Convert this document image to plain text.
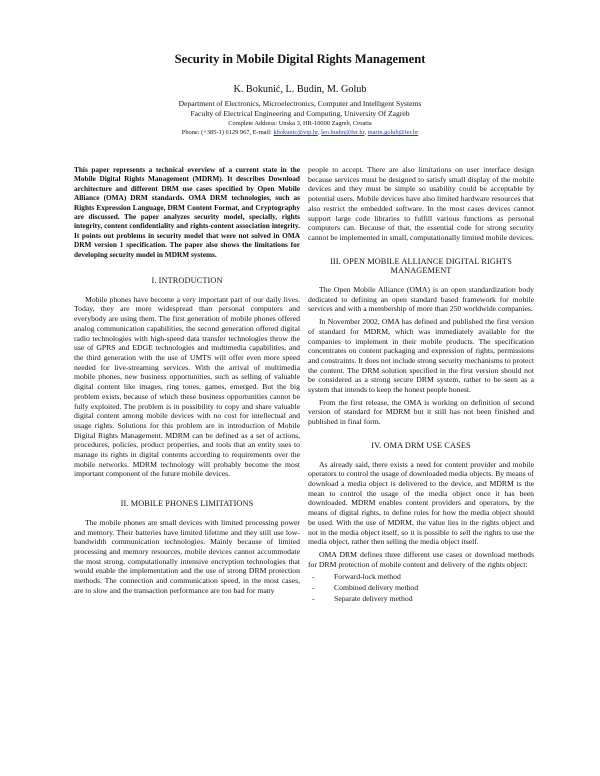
Security in Mobile Digital Rights Management
K. Bokunić, L. Budin, M. Golub
Department of Electronics, Microelectronics, Computer and Intelligent Systems
Faculty of Electrical Engineering and Computing, University Of Zagreb
Complete Address: Unska 3, HR-10000 Zagreb, Croatia
Phone: (+385-1) 6129 967, E-mail: kbokunic@vip.hr, leo.budin@fer.hr, marin.golub@fer.hr

This paper represents a technical overview of a current state in the Mobile Digital Rights Management (MDRM). It describes Download architecture and different DRM use cases specified by Open Mobile Alliance (OMA) DRM standards. OMA DRM technologies, such as Rights Expression Language, DRM Content Format, and Cryptography are discussed. The paper analyzes security model, specially, rights integrity, content confidentiality and rights-content association integrity. It points out problems in security model that were not solved in OMA DRM version 1 specification. The paper also shows the limitations for developing security model in MDRM systems.

I. INTRODUCTION

Mobile phones have become a very important part of our daily lives. Today, they are more widespread than personal computers and everybody are using them. The first generation of mobile phones offered analog communication capabilities, the second generation offered digital radio technologies with high-speed data transfer technologies throw the use of GPRS and EDGE technologies and multimedia capabilities, and the third generation with the use of UMTS will offer even more speed needed for live-streaming services. With the arrival of multimedia mobile phones, new business opportunities, such as selling of valuable digital content like images, ring tones, games, emerged. But the big problem exists, because of which these business opportunities cannot be fully exploited. The problem is in possibility to copy and share valuable digital content among mobile devices with no cost for intellectual and usage rights. Solutions for this problem are in introduction of Mobile Digital Rights Management. MDRM can be defined as a set of actions, procedures, policies, product properties, and tools that an entity uses to manage its rights in digital contents according to requirements over the mobile networks. MDRM technology will probably become the most important component of the future mobile devices.

II. MOBILE PHONES LIMITATIONS

The mobile phones are small devices with limited processing power and memory. Their batteries have limited lifetime and they still use low-bandwidth communication technologies. Mainly because of limited processing and memory resources, mobile devices cannot accommodate the most strong, computationally intensive encryption technologies that would enable the implementation and the use of strong DRM protection methods. The connection and communication speed, in the most cases, are to slow and the transaction performance are too bad for many

people to accept. There are also limitations on user interface design because services must be designed to satisfy small display of the mobile devices and they must be simple so usability could be acceptable by potential users. Mobile devices have also limited hardware resources that also restrict the embedded software. In the most cases devices cannot support large code libraries to fulfill various functions as personal computers can. Because of that, the essential code for strong security cannot be implemented in small, computationally limited mobile devices.

III. OPEN MOBILE ALLIANCE DIGITAL RIGHTS MANAGEMENT

The Open Mobile Alliance (OMA) is an open standardization body dedicated to defining an open standard based framework for mobile services and with a membership of more than 250 worldwide companies.

In November 2002, OMA has defined and published the first version of standard for MDRM, which was immediately available for the companies to implement in their mobile products. The specification concentrates on content packaging and expression of rights, permissions and constraints. It does not include strong security mechanisms to protect the content. The DRM solution specified in the first version should not be considered as a strong secure DRM system, rather to be seen as a system that intends to keep the honest people honest.

From the first release, the OMA is working on definition of second version of standard for MDRM but it still has not been finished and published in final form.

IV. OMA DRM USE CASES

As already said, there exists a need for content provider and mobile operators to control the usage of downloaded media objects. By means of download a media object is delivered to the device, and MDRM is the mean to control the usage of the media object once it has been downloaded. MDRM enables content providers and operators, by the means of digital rights, to define rules for how the media object should be used. With the use of MDRM, the value lies in the rights object and not in the media object itself, so it is possible to sell the rights to use the media object, rather then selling the media object itself.

OMA DRM defines three different use cases or download methods for DRM protection of mobile content and delivery of the rights object:

-	Forward-lock method
-	Combined delivery method
-	Separate delivery method
